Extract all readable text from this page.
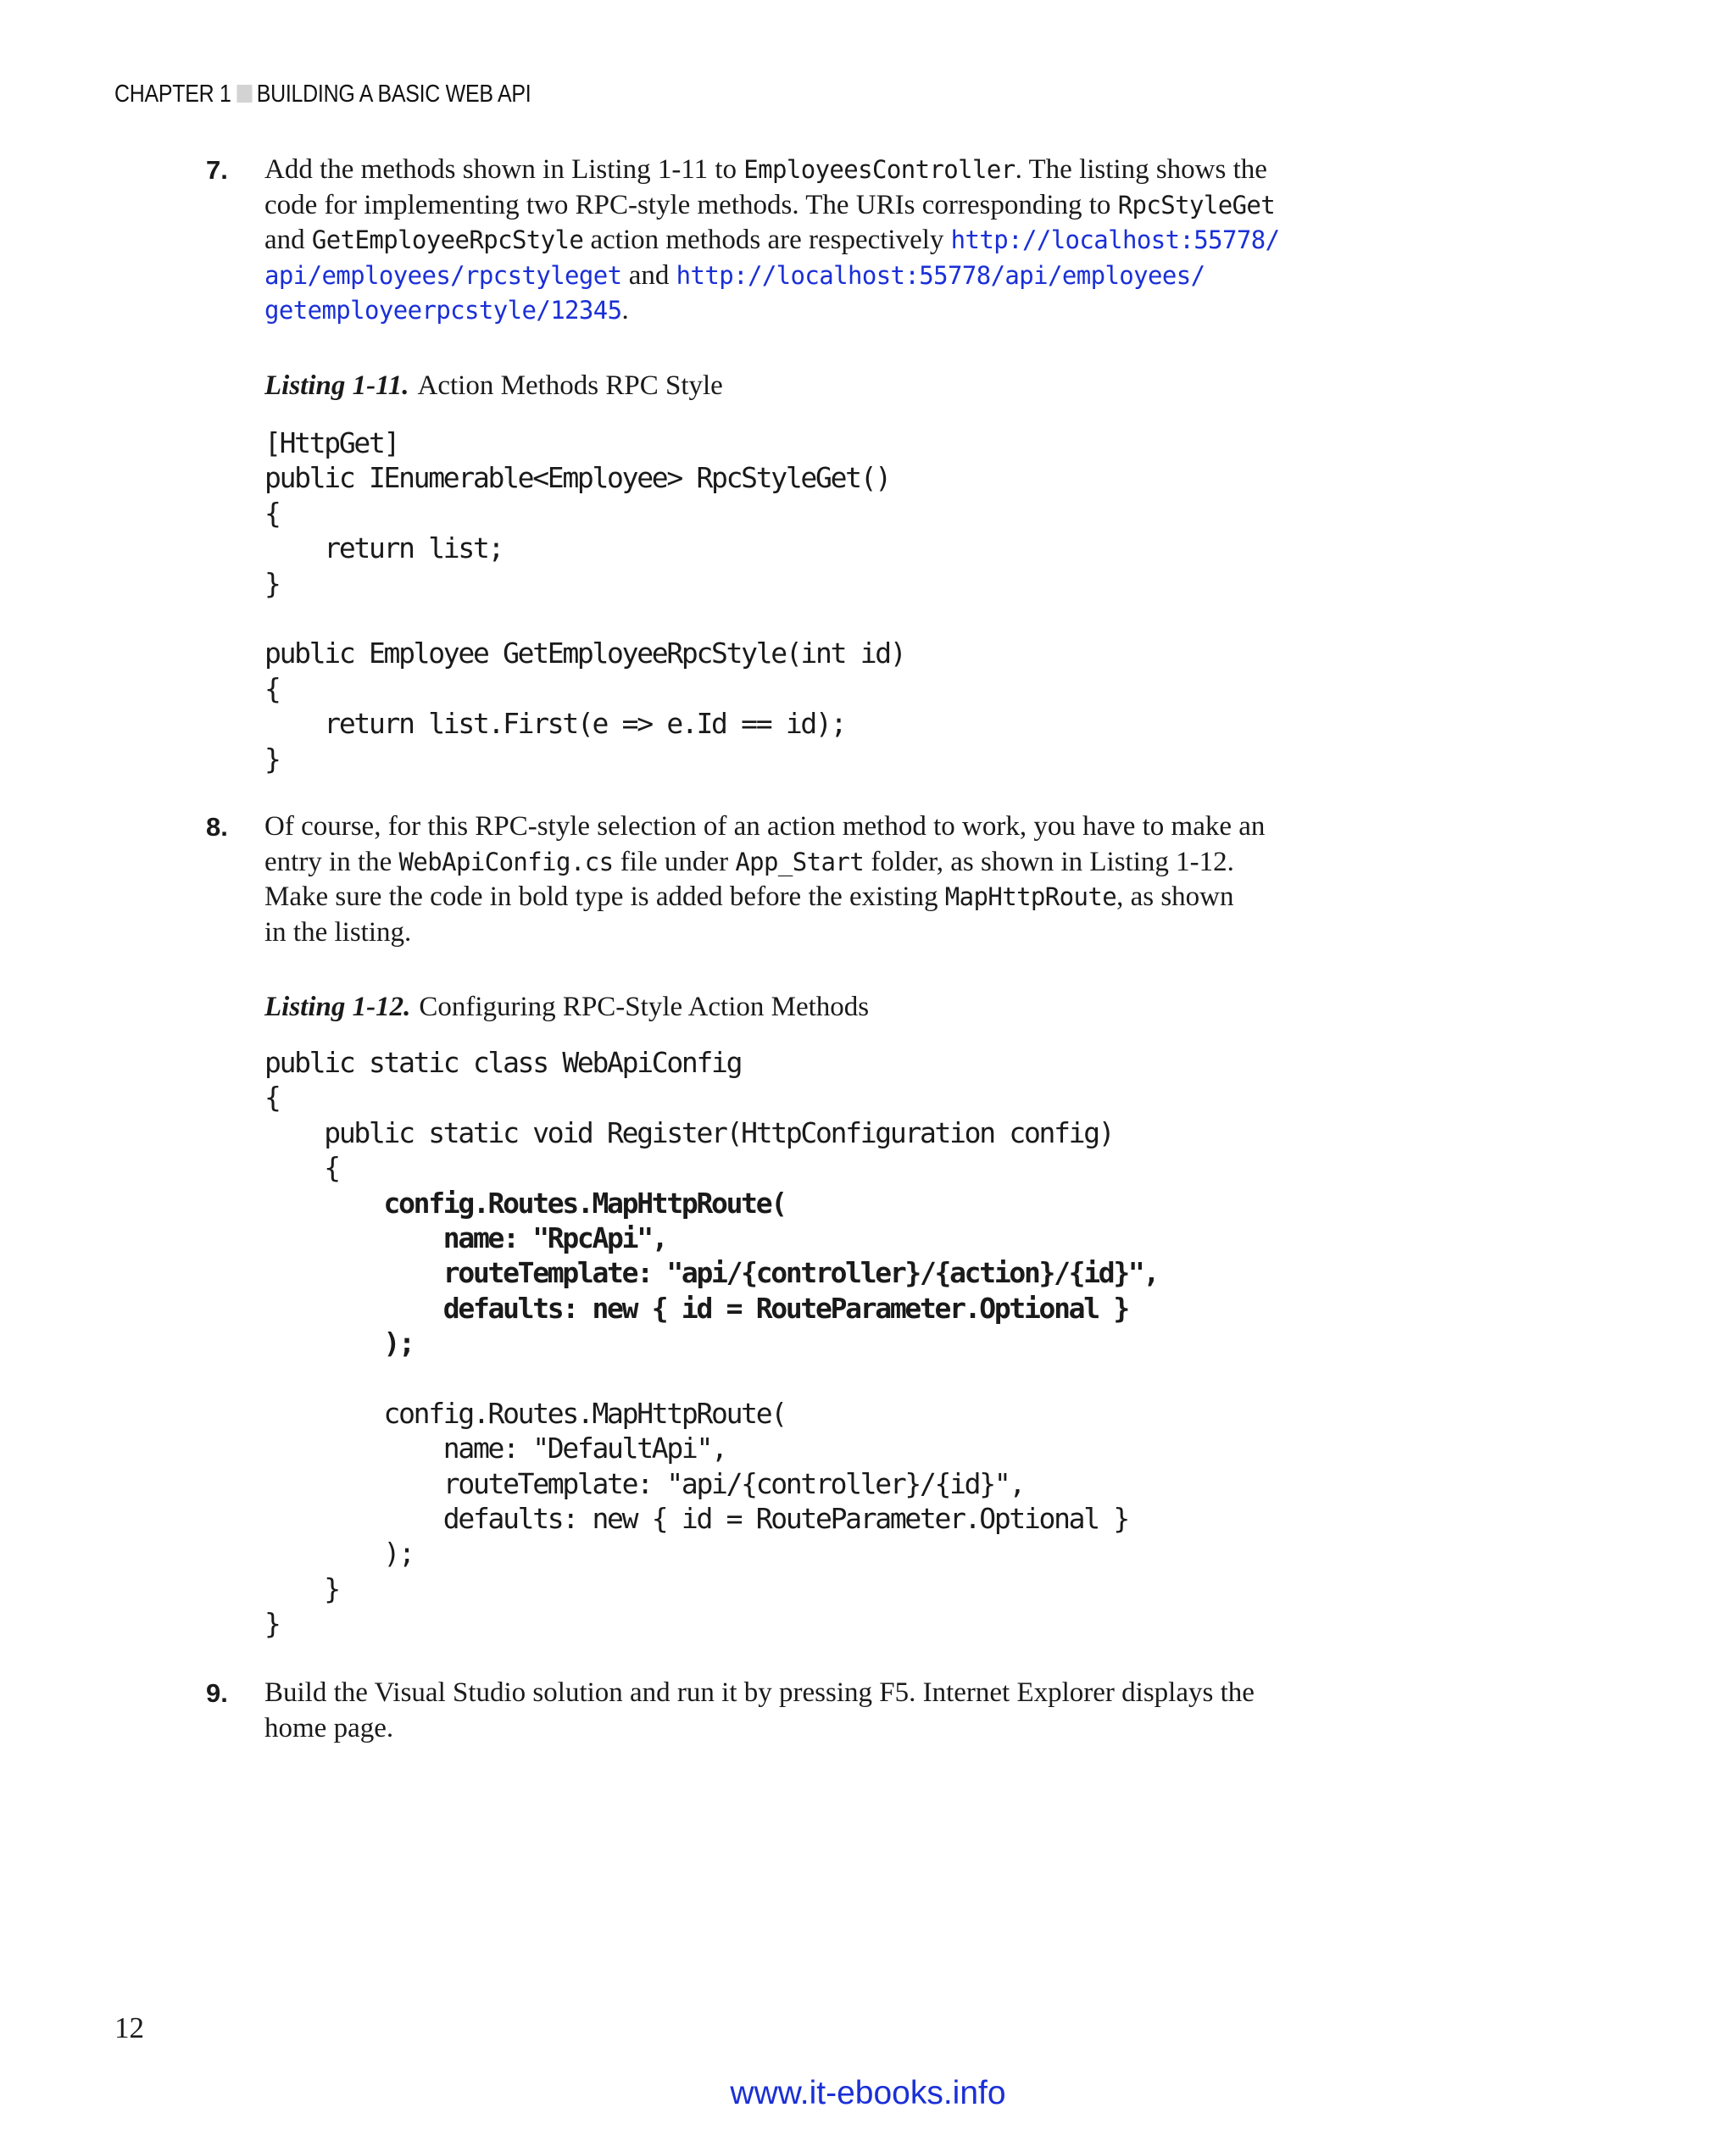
CHAPTER 1 BUILDING A BASIC WEB API
7. Add the methods shown in Listing 1-11 to EmployeesController. The listing shows the
code for implementing two RPC-style methods. The URIs corresponding to RpcStyleGet
and GetEmployeeRpcStyle action methods are respectively http://localhost:55778/
api/employees/rpcstyleget and http://localhost:55778/api/employees/
getemployeerpcstyle/12345.
Listing 1-11. Action Methods RPC Style
[HttpGet]
public IEnumerable<Employee> RpcStyleGet()
{
return list;
}
public Employee GetEmployeeRpcStyle(int id)
{
return list.First(e => e.Id == id);
}
8. Of course, for this RPC-style selection of an action method to work, you have to make an
entry in the WebApiConfig.cs file under App_Start folder, as shown in Listing 1-12.
Make sure the code in bold type is added before the existing MapHttpRoute, as shown
in the listing.
Listing 1-12. Configuring RPC-Style Action Methods
public static class WebApiConfig
{
public static void Register(HttpConfiguration config)
{
config.Routes.MapHttpRoute(
name: "RpcApi",
routeTemplate: "api/{controller}/{action}/{id}",
defaults: new { id = RouteParameter.Optional }
);
config.Routes.MapHttpRoute(
name: "DefaultApi",
routeTemplate: "api/{controller}/{id}",
defaults: new { id = RouteParameter.Optional }
);
}
}
9. Build the Visual Studio solution and run it by pressing F5. Internet Explorer displays the
home page.
12
www.it-ebooks.info
